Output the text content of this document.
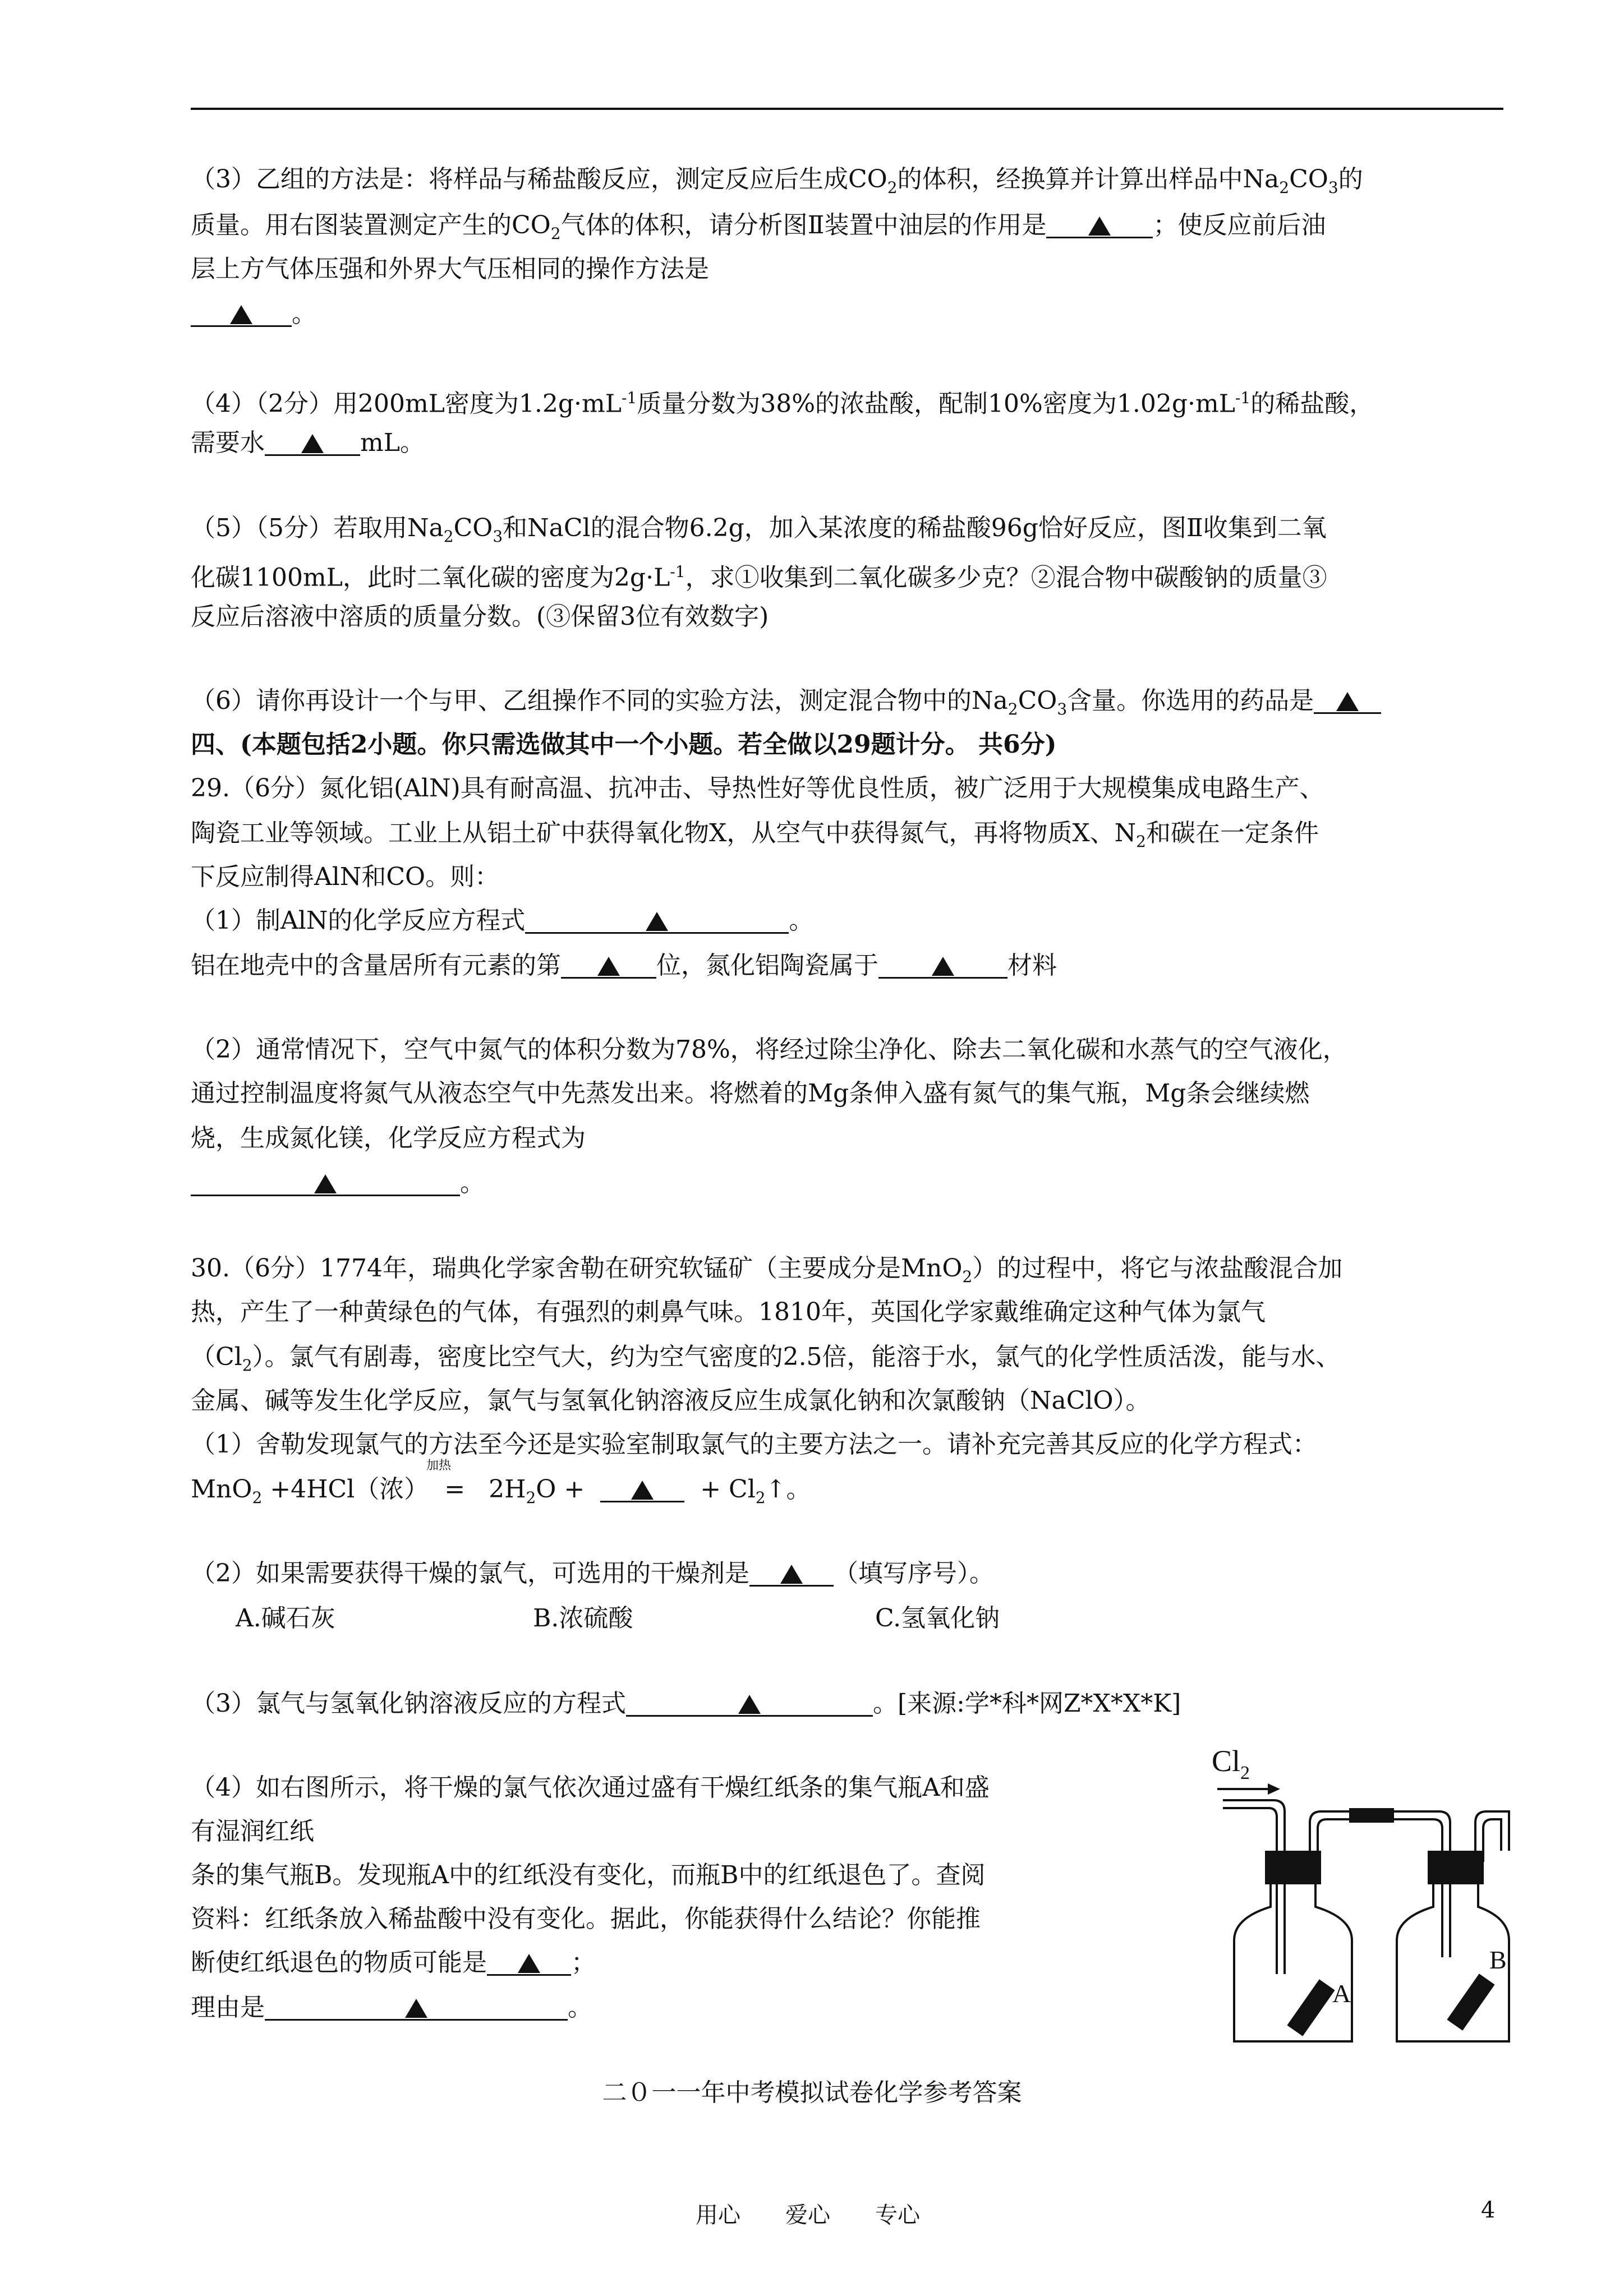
（3）乙组的方法是：将样品与稀盐酸反应，测定反应后生成$CO_2$的体积，经换算并计算出样品中$Na_2CO_3$的
质量。用右图装置测定产生的$CO_2$气体的体积，请分析图Ⅱ装置中油层的作用是	；使反应前后油
层上方气体压强和外界大气压相同的操作方法是
。
（4）（2分）用200mL密度为$1.2g\cdot mL^{-1}$质量分数为38%的浓盐酸，配制10%密度为$1.02g\cdot mL^{-1}$的稀盐酸，
需要水	mL。
（5）（5分）若取用$Na_2CO_3$和NaCl的混合物6.2g，加入某浓度的稀盐酸96g恰好反应，图Ⅱ收集到二氧
化碳1100mL，此时二氧化碳的密度为$2g\cdot L^{-1}$，求①收集到二氧化碳多少克？②混合物中碳酸钠的质量③
反应后溶液中溶质的质量分数。(③保留3位有效数字)
（6）请你再设计一个与甲、乙组操作不同的实验方法，测定混合物中的$Na_2CO_3$含量。你选用的药品是
四、(本题包括2小题。你只需选做其中一个小题。若全做以29题计分。 共6分)
29.（6分）氮化铝(AlN)具有耐高温、抗冲击、导热性好等优良性质，被广泛用于大规模集成电路生产、
陶瓷工业等领域。工业上从铝土矿中获得氧化物X，从空气中获得氮气，再将物质X、$N_2$和碳在一定条件
下反应制得AlN和CO。则：
（1）制AlN的化学反应方程式	。
铝在地壳中的含量居所有元素的第	位，氮化铝陶瓷属于	材料
（2）通常情况下，空气中氮气的体积分数为78%，将经过除尘净化、除去二氧化碳和水蒸气的空气液化，
通过控制温度将氮气从液态空气中先蒸发出来。将燃着的Mg条伸入盛有氮气的集气瓶，Mg条会继续燃
烧，生成氮化镁，化学反应方程式为
。
30.（6分）1774年，瑞典化学家舍勒在研究软锰矿（主要成分是MnO$_2$）的过程中，将它与浓盐酸混合加
热，产生了一种黄绿色的气体，有强烈的刺鼻气味。1810年，英国化学家戴维确定这种气体为氯气
$(Cl_2)$。氯气有剧毒，密度比空气大，约为空气密度的2.5倍，能溶于水，氯气的化学性质活泼，能与水、
金属、碱等发生化学反应，氯气与氢氧化钠溶液反应生成氯化钠和次氯酸钠（NaClO）。
（1）舍勒发现氯气的方法至今还是实验室制取氯气的主要方法之一。请补充完善其反应的化学方程式：
加热
MnO$_2$ +4HCl（浓） = $2H_2O$ +	+ $Cl_2↑$。
（2）如果需要获得干燥的氯气，可选用的干燥剂是	（填写序号）。
A.碱石灰	B.浓硫酸	C.氢氧化钠
（3）氯气与氢氧化钠溶液反应的方程式	。[来源:学*科*网Z*X*X*K]
（4）如右图所示，将干燥的氯气依次通过盛有干燥红纸条的集气瓶A和盛
有湿润红纸
条的集气瓶B。发现瓶A中的红纸没有变化，而瓶B中的红纸退色了。查阅
资料：红纸条放入稀盐酸中没有变化。据此，你能获得什么结论？你能推
断使红纸退色的物质可能是	；
理由是	。
$Cl_2$
A
B
二０一一年中考模拟试卷化学参考答案
用心　　爱心　　专心	4
